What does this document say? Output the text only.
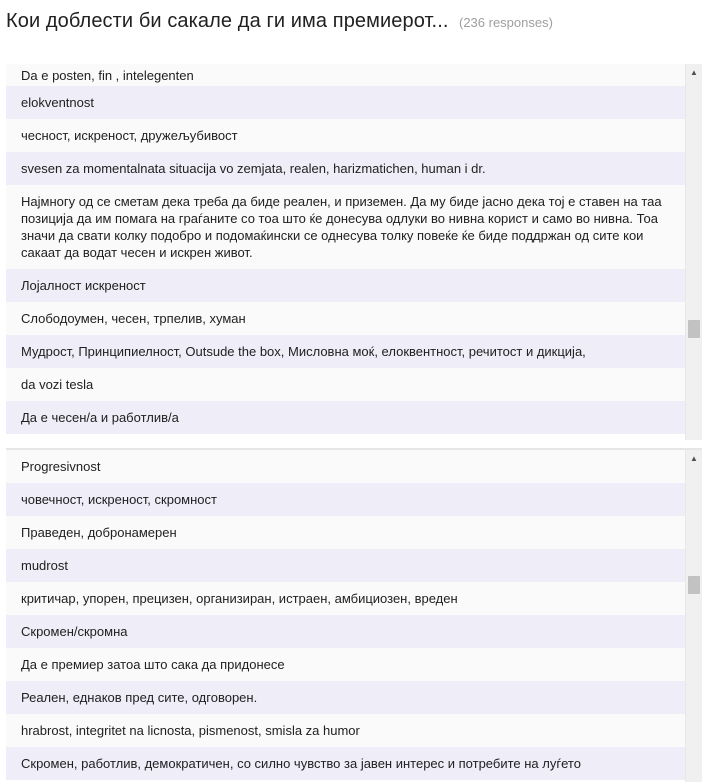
Кои доблести би сакале да ги има премиерот... (236 responses)
Da e posten, fin , intelegenten
elokventnost
чесност, искреност, дружељубивост
svesen za momentalnata situacija vo zemjata, realen, harizmatichen, human i dr.
Најмногу од се сметам дека треба да биде реален, и приземен. Да му биде јасно дека тој е ставен на таа позиција да им помага на граѓаните со тоа што ќе донесува одлуки во нивна корист и само во нивна. Тоа значи да свати колку подобро и подомаќински се однесува толку повеќе ќе биде поддржан од сите кои сакаат да водат чесен и искрен живот.
Лојалност искреност
Слободоумен, чесен, трпелив, хуман
Мудрост, Принципиелност, Outsude the box, Мисловна моќ, елоквентност, речитост и дикција,
da vozi tesla
Да е чесен/а и работлив/а
▲
Progresivnost
човечност, искреност, скромност
Праведен, добронамерен
mudrost
критичар, упорен, прецизен, организиран, истраен, амбициозен, вреден
Скромен/скромна
Да е премиер затоа што сака да придонесе
Реален, еднаков пред сите, одговорен.
hrabrost, integritet na licnosta, pismenost, smisla za humor
Скромен, работлив, демократичен, со силно чувство за јавен интерес и потребите на луѓето
▲
